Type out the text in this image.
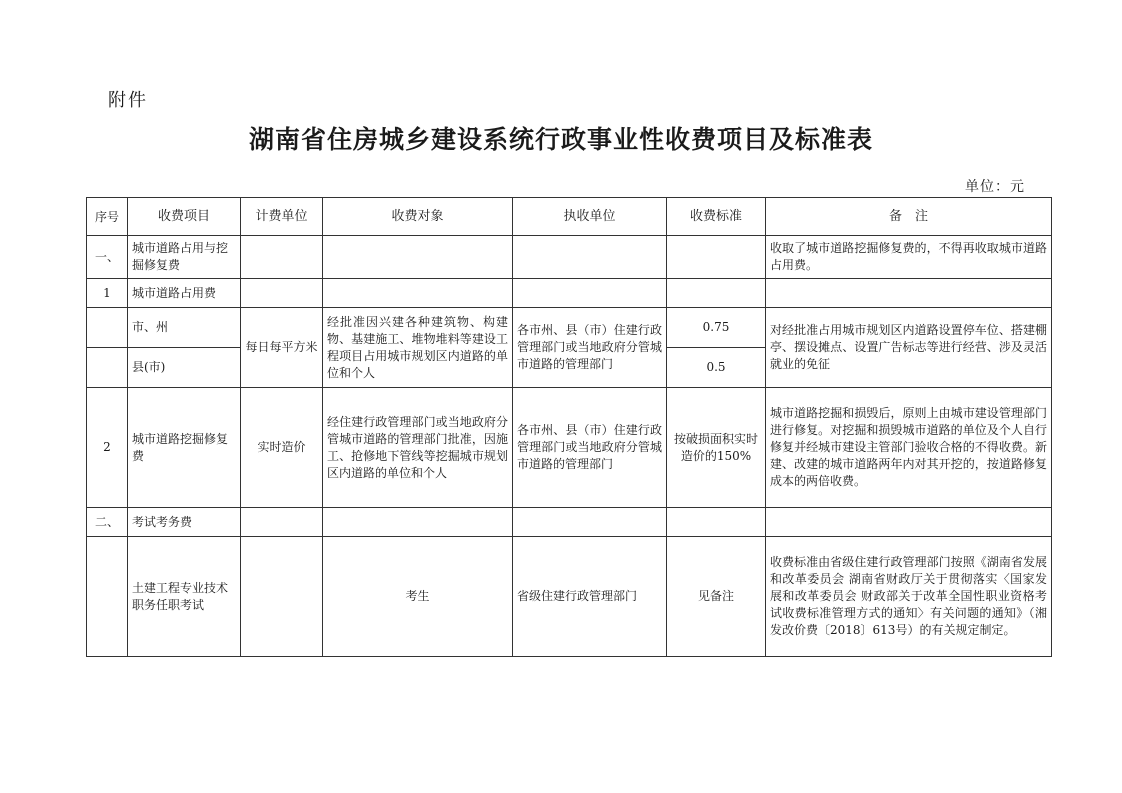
附件
湖南省住房城乡建设系统行政事业性收费项目及标准表
单位：元
序号	收费项目	计费单位	收费对象	执收单位	收费标准	备　注
一、	城市道路占用与挖掘修复费					收取了城市道路挖掘修复费的，不得再收取城市道路占用费。
1	城市道路占用费					
	市、州	每日每平方米	经批准因兴建各种建筑物、构建物、基建施工、堆物堆料等建设工程项目占用城市规划区内道路的单位和个人	各市州、县（市）住建行政管理部门或当地政府分管城市道路的管理部门	0.75	对经批准占用城市规划区内道路设置停车位、搭建棚亭、摆设摊点、设置广告标志等进行经营、涉及灵活就业的免征
	县(市)				0.5	
2	城市道路挖掘修复费	实时造价	经住建行政管理部门或当地政府分管城市道路的管理部门批准，因施工、抢修地下管线等挖掘城市规划区内道路的单位和个人	各市州、县（市）住建行政管理部门或当地政府分管城市道路的管理部门	按破损面积实时造价的150%	城市道路挖掘和损毁后，原则上由城市建设管理部门进行修复。对挖掘和损毁城市道路的单位及个人自行修复并经城市建设主管部门验收合格的不得收费。新建、改建的城市道路两年内对其开挖的，按道路修复成本的两倍收费。
二、	考试考务费					
	土建工程专业技术职务任职考试		考生	省级住建行政管理部门	见备注	收费标准由省级住建行政管理部门按照《湖南省发展和改革委员会 湖南省财政厅关于贯彻落实〈国家发展和改革委员会 财政部关于改革全国性职业资格考试收费标准管理方式的通知〉有关问题的通知》（湘发改价费〔2018〕613号）的有关规定制定。
